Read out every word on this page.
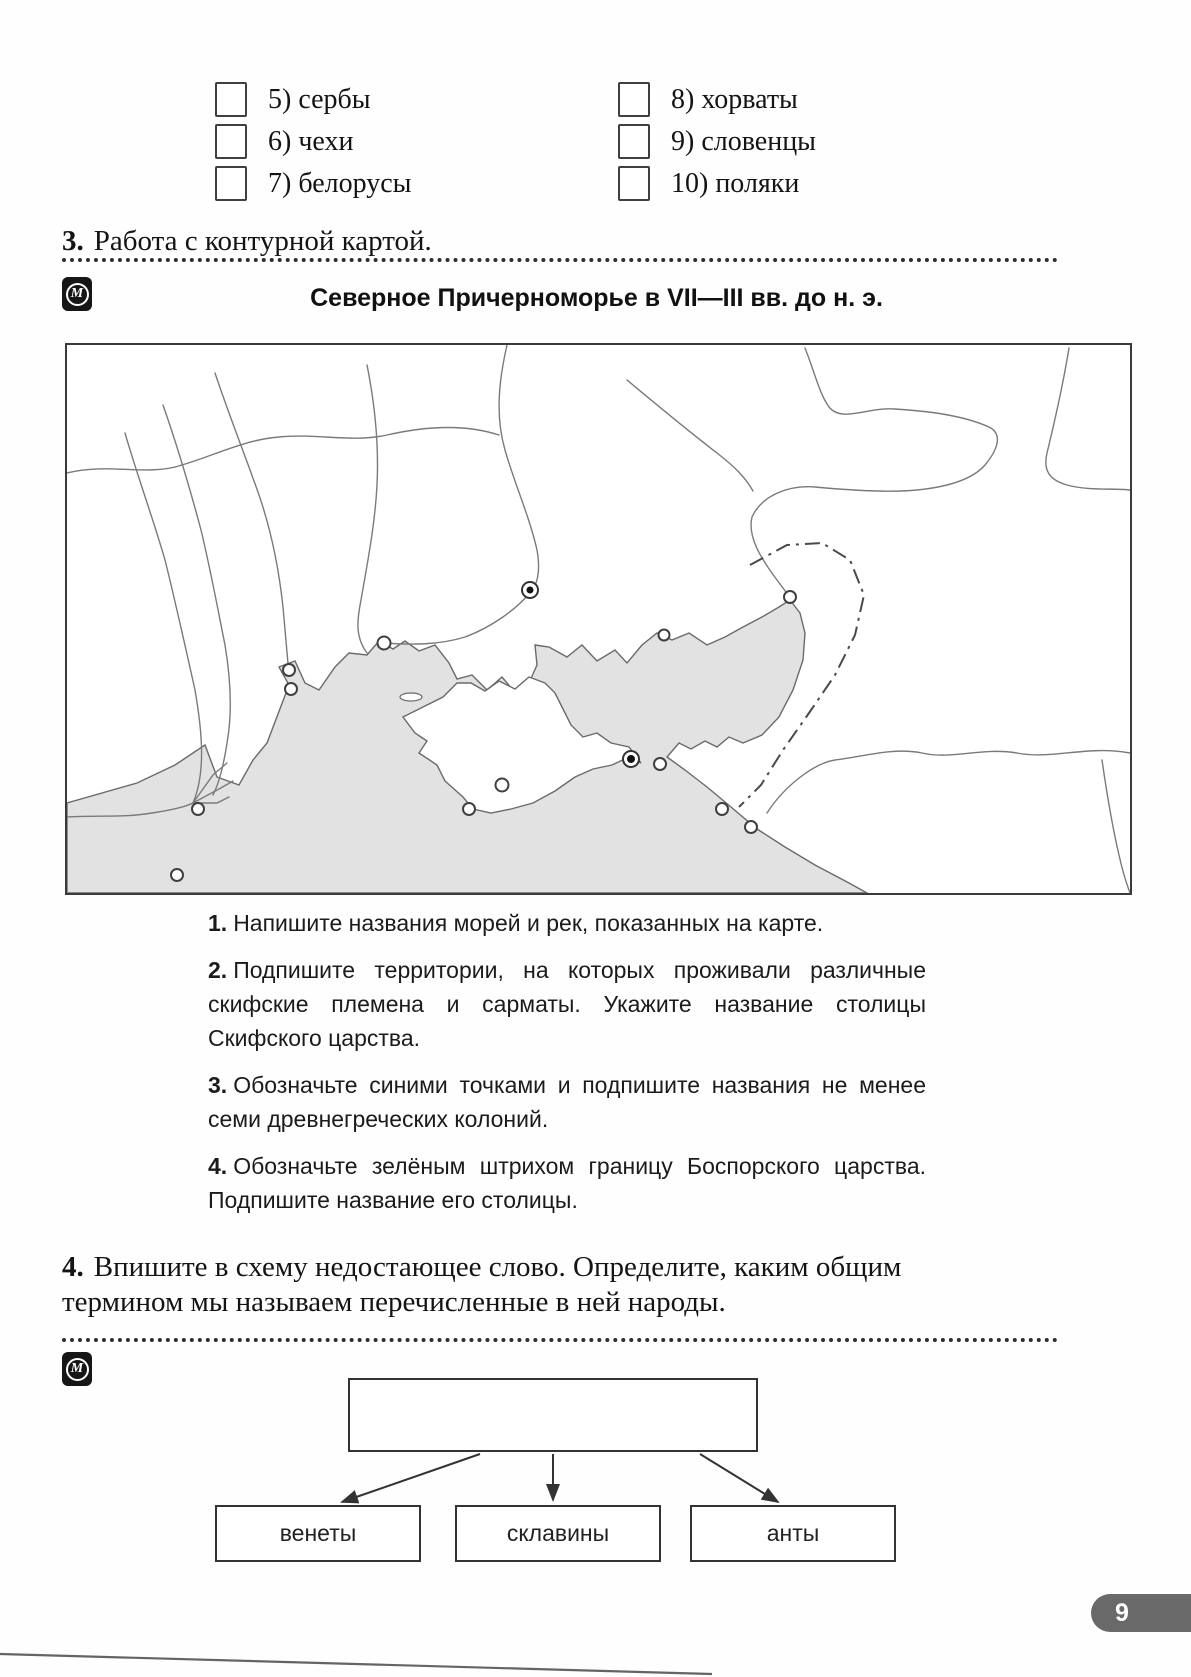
5) сербы
6) чехи
7) белорусы
8) хорваты
9) словенцы
10) поляки
3. Работа с контурной картой.
М	Северное Причерноморье в VII—III вв. до н. э.

1. Напишите названия морей и рек, показанных на карте.

2. Подпишите территории, на которых проживали различные скифские племена и сарматы. Укажите название столицы Скифского царства.

3. Обозначьте синими точками и подпишите названия не менее семи древнегреческих колоний.

4. Обозначьте зелёным штрихом границу Боспорского царства. Подпишите название его столицы.

4. Впишите в схему недостающее слово. Определите, каким общим термином мы называем перечисленные в ней народы.
М
венеты	склавины	анты
9
